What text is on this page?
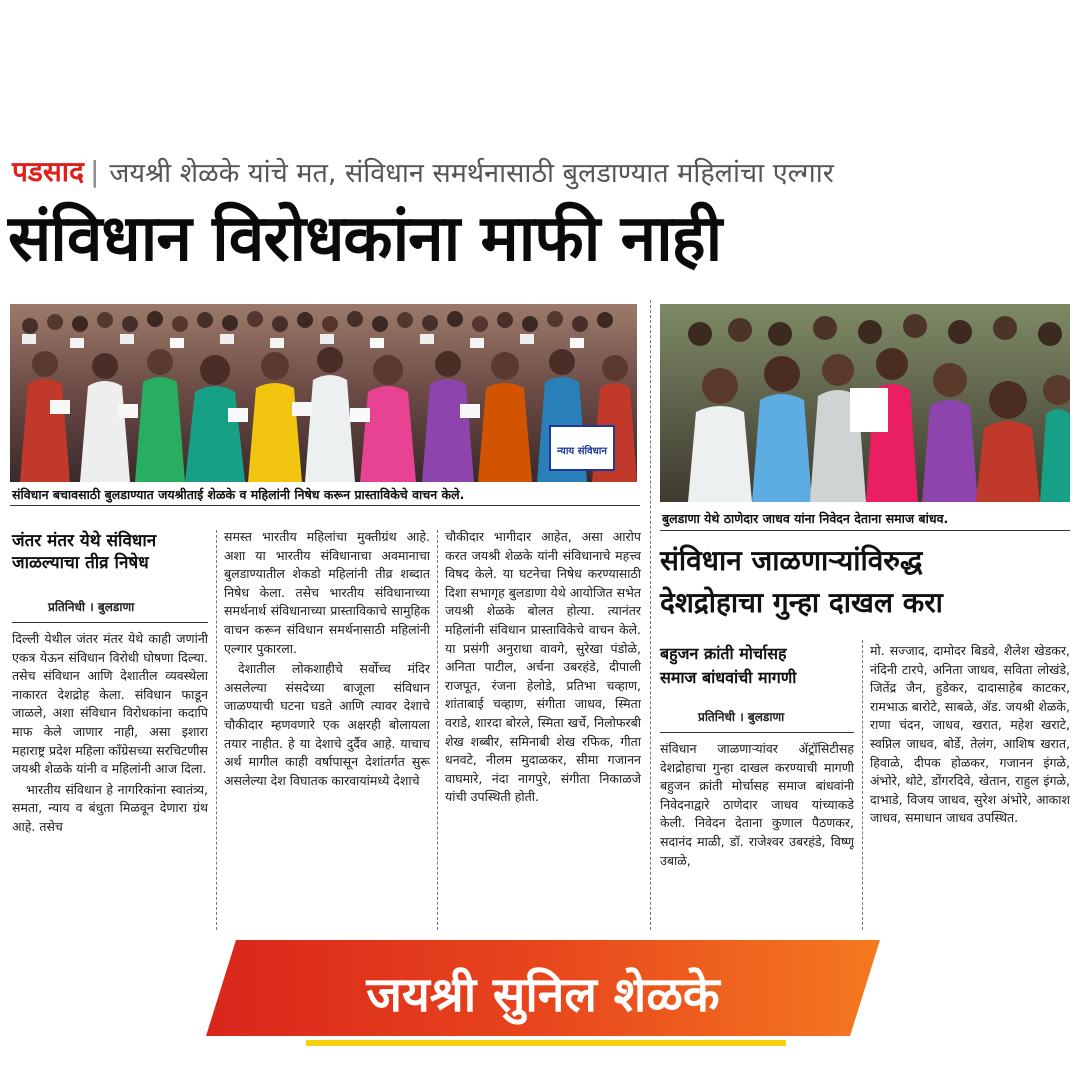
पडसाद | जयश्री शेळके यांचे मत, संविधान समर्थनासाठी बुलडाण्यात महिलांचा एल्गार
संविधान विरोधकांना माफी नाही
न्याय संविधान
संविधान बचावसाठी बुलडाण्यात जयश्रीताई शेळके व महिलांनी निषेध करून प्रास्ताविकेचे वाचन केले.
बुलडाणा येथे ठाणेदार जाधव यांना निवेदन देताना समाज बांधव.
जंतर मंतर येथे संविधान
जाळल्याचा तीव्र निषेध
प्रतिनिधी । बुलडाणा

दिल्ली येथील जंतर मंतर येथे काही जणांनी एकत्र येऊन संविधान विरोधी घोषणा दिल्या. तसेच संविधान आणि देशातील व्यवस्थेला नाकारत देशद्रोह केला. संविधान फाडून जाळले, अशा संविधान विरोधकांना कदापि माफ केले जाणार नाही, असा इशारा महाराष्ट्र प्रदेश महिला काँग्रेसच्या सरचिटणीस जयश्री शेळके यांनी व महिलांनी आज दिला.

भारतीय संविधान हे नागरिकांना स्वातंत्र्य, समता, न्याय व बंधुता मिळवून देणारा ग्रंथ आहे. तसेच

समस्त भारतीय महिलांचा मुक्तीग्रंथ आहे. अशा या भारतीय संविधानाचा अवमानाचा बुलडाण्यातील शेकडो महिलांनी तीव्र शब्दात निषेध केला. तसेच भारतीय संविधानाच्या समर्थनार्थ संविधानाच्या प्रास्ताविकाचे सामुहिक वाचन करून संविधान समर्थनासाठी महिलांनी एल्गार पुकारला.

देशातील लोकशाहीचे सर्वोच्च मंदिर असलेल्या संसदेच्या बाजूला संविधान जाळण्याची घटना घडते आणि त्यावर देशाचे चौकीदार म्हणवणारे एक अक्षरही बोलायला तयार नाहीत. हे या देशाचे दुर्दैव आहे. याचाच अर्थ मागील काही वर्षापासून देशांतर्गत सुरू असलेल्या देश विघातक कारवायांमध्ये देशाचे

चौकीदार भागीदार आहेत, असा आरोप करत जयश्री शेळके यांनी संविधानाचे महत्त्व विषद केले. या घटनेचा निषेध करण्यासाठी दिशा सभागृह बुलडाणा येथे आयोजित सभेत जयश्री शेळके बोलत होत्या. त्यानंतर महिलांनी संविधान प्रास्ताविकेचे वाचन केले. या प्रसंगी अनुराधा वावगे, सुरेखा पंडोळे, अनिता पाटील, अर्चना उबरहंडे, दीपाली राजपूत, रंजना हेलोडे, प्रतिभा चव्हाण, शांताबाई चव्हाण, संगीता जाधव, स्मिता वराडे, शारदा बोरले, स्मिता खर्चे, निलोफरबी शेख शब्बीर, समिनाबी शेख रफिक, गीता धनवटे, नीलम मुदाळकर, सीमा गजानन वाघमारे, नंदा नागपुरे, संगीता निकाळजे यांची उपस्थिती होती.

संविधान जाळणाऱ्यांविरुद्ध
देशद्रोहाचा गुन्हा दाखल करा
बहुजन क्रांती मोर्चासह
समाज बांधवांची मागणी
प्रतिनिधी । बुलडाणा

संविधान जाळणाऱ्यांवर ॲट्रॉसिटीसह देशद्रोहाचा गुन्हा दाखल करण्याची मागणी बहुजन क्रांती मोर्चासह समाज बांधवांनी निवेदनाद्वारे ठाणेदार जाधव यांच्याकडे केली. निवेदन देताना कुणाल पैठणकर, सदानंद माळी, डॉ. राजेश्वर उबरहंडे, विष्णू उबाळे,

मो. सज्जाद, दामोदर बिडवे, शैलेश खेडकर, नंदिनी टारपे, अनिता जाधव, सविता लोखंडे, जितेंद्र जैन, हुडेकर, दादासाहेब काटकर, रामभाऊ बारोटे, साबळे, ॲड. जयश्री शेळके, राणा चंदन, जाधव, खरात, महेश खराटे, स्वप्निल जाधव, बोर्डे, तेलंग, आशिष खरात, हिवाळे, दीपक होळकर, गजानन इंगळे, अंभोरे, थोटे, डोंगरदिवे, खेतान, राहुल इंगळे, दाभाडे, विजय जाधव, सुरेश अंभोरे, आकाश जाधव, समाधान जाधव उपस्थित.

जयश्री सुनिल शेळके
